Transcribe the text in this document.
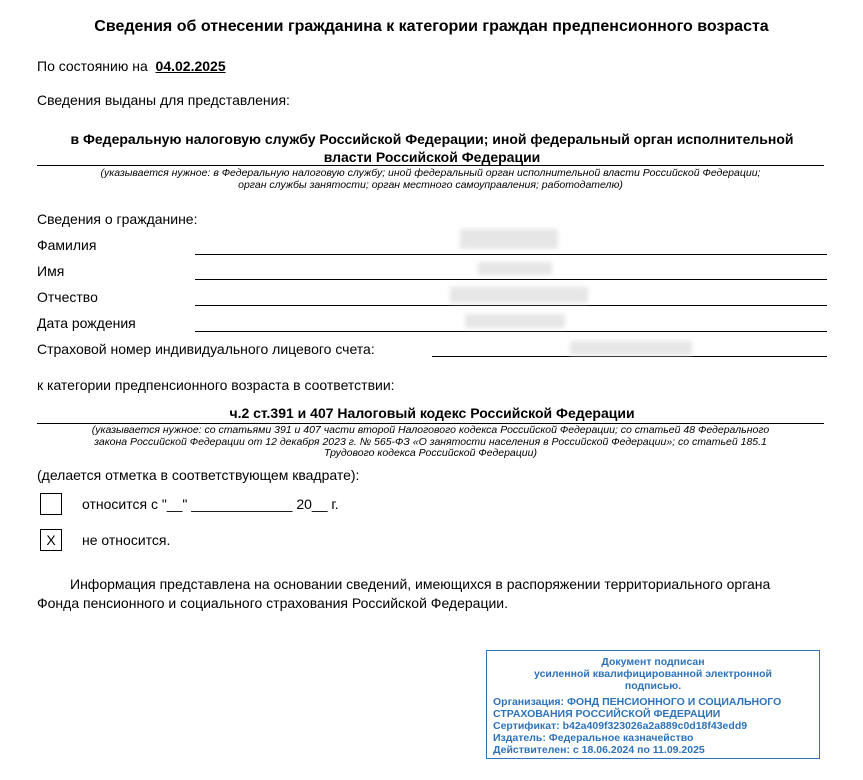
Сведения об отнесении гражданина к категории граждан предпенсионного возраста
По состоянию на 04.02.2025
Сведения выданы для представления:
в Федеральную налоговую службу Российской Федерации; иной федеральный орган исполнительной
власти Российской Федерации
(указывается нужное: в Федеральную налоговую службу; иной федеральный орган исполнительной власти Российской Федерации;
орган службы занятости; орган местного самоуправления; работодателю)
Сведения о гражданине:
Фамилия
Имя
Отчество
Дата рождения
Страховой номер индивидуального лицевого счета:
к категории предпенсионного возраста в соответствии:
ч.2 ст.391 и 407 Налоговый кодекс Российской Федерации
(указывается нужное: со статьями 391 и 407 части второй Налогового кодекса Российской Федерации; со статьей 48 Федерального
закона Российской Федерации от 12 декабря 2023 г. № 565-ФЗ «О занятости населения в Российской Федерации»; со статьей 185.1
Трудового кодекса Российской Федерации)
(делается отметка в соответствующем квадрате):
относится с "__" _____________ 20__ г.
X	не относится.
Информация представлена на основании сведений, имеющихся в распоряжении территориального органа
Фонда пенсионного и социального страхования Российской Федерации.
Документ подписан
усиленной квалифицированной электронной
подписью.
Организация: ФОНД ПЕНСИОННОГО И СОЦИАЛЬНОГО
СТРАХОВАНИЯ РОССИЙСКОЙ ФЕДЕРАЦИИ
Сертификат: b42a409f323026a2a889c0d18f43edd9
Издатель: Федеральное казначейство
Действителен: с 18.06.2024 по 11.09.2025
